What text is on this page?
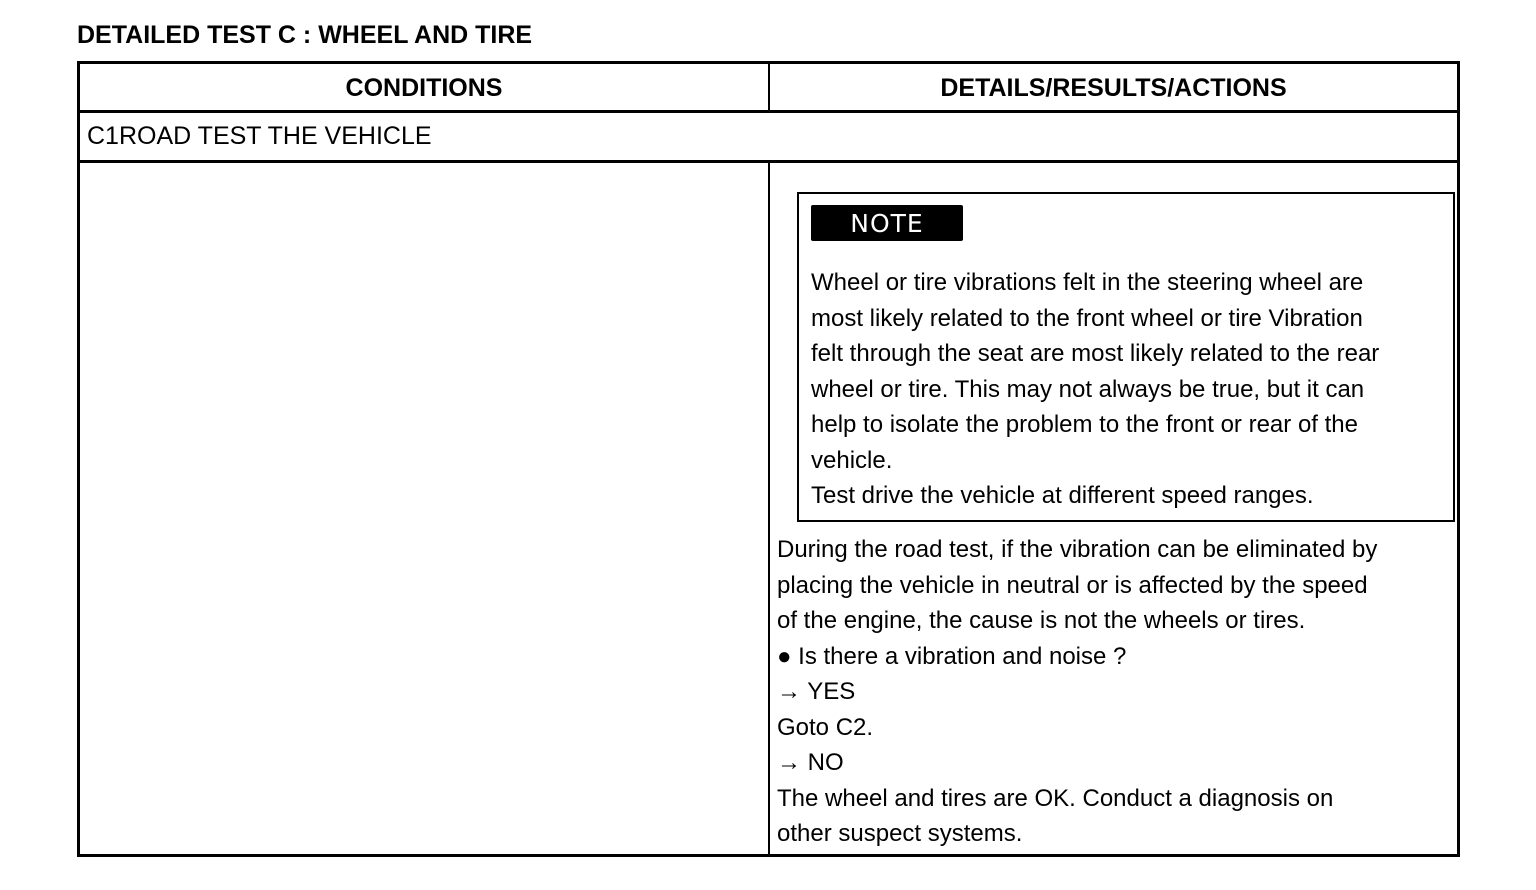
DETAILED TEST C : WHEEL AND TIRE
CONDITIONS	DETAILS/RESULTS/ACTIONS
C1ROAD TEST THE VEHICLE
NOTE

Wheel or tire vibrations felt in the steering wheel are

most likely related to the front wheel or tire Vibration

felt through the seat are most likely related to the rear

wheel or tire. This may not always be true, but it can

help to isolate the problem to the front or rear of the

vehicle.

Test drive the vehicle at different speed ranges.

During the road test, if the vibration can be eliminated by

placing the vehicle in neutral or is affected by the speed

of the engine, the cause is not the wheels or tires.

● Is there a vibration and noise ?

→ YES

Goto C2.

→ NO

The wheel and tires are OK. Conduct a diagnosis on

other suspect systems.
